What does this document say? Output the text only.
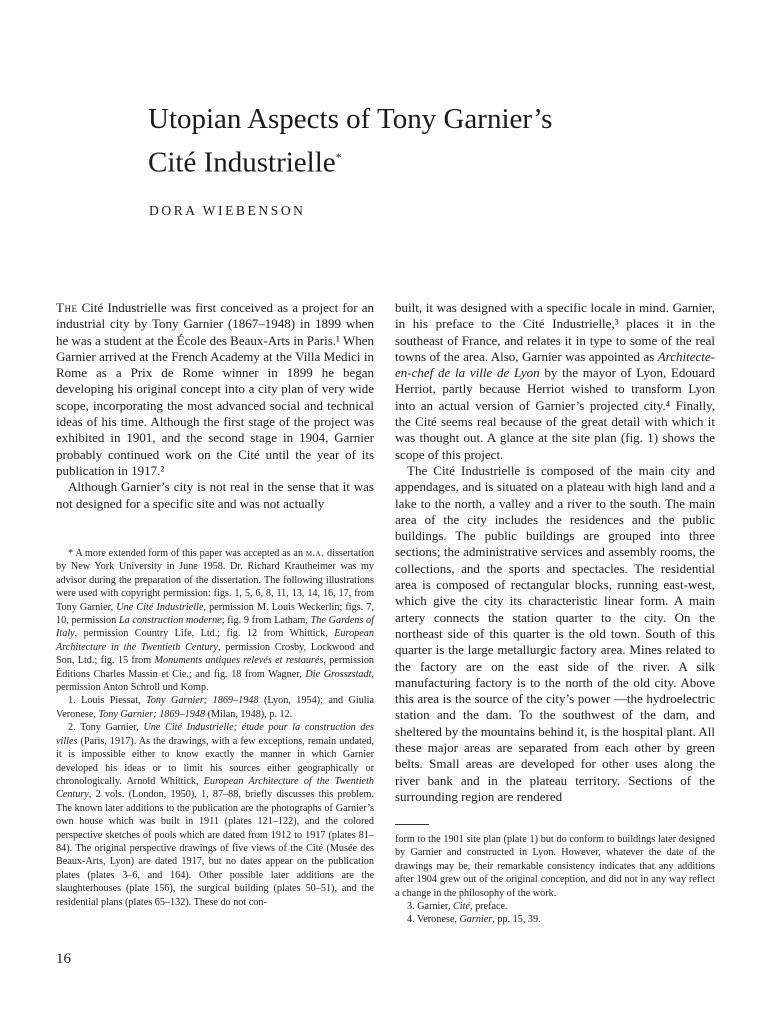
Utopian Aspects of Tony Garnier’s
Cité Industrielle*
DORA WIEBENSON

The Cité Industrielle was first conceived as a project for an industrial city by Tony Garnier (1867–1948) in 1899 when he was a student at the École des Beaux-Arts in Paris.¹ When Garnier arrived at the French Academy at the Villa Medici in Rome as a Prix de Rome winner in 1899 he began developing his original concept into a city plan of very wide scope, incorporating the most advanced social and technical ideas of his time. Although the first stage of the project was exhibited in 1901, and the second stage in 1904, Garnier probably continued work on the Cité until the year of its publication in 1917.²

Although Garnier’s city is not real in the sense that it was not designed for a specific site and was not actually

* A more extended form of this paper was accepted as an m.a. dissertation by New York University in June 1958. Dr. Richard Krautheimer was my advisor during the preparation of the dissertation. The following illustrations were used with copyright permission: figs. 1, 5, 6, 8, 11, 13, 14, 16, 17, from Tony Garnier, Une Cité Industrielle, permission M. Louis Weckerlin; figs. 7, 10, permission La construction moderne; fig. 9 from Latham, The Gardens of Italy, permission Country Life, Ltd.; fig. 12 from Whittick, European Architecture in the Twentieth Century, permission Crosby, Lockwood and Son, Ltd.; fig. 15 from Monuments antiques relevés et restaurés, permission Éditions Charles Massin et Cie.; and fig. 18 from Wagner, Die Grosszstadt, permission Anton Schroll und Komp.

1. Louis Piessat, Tony Garnier; 1869–1948 (Lyon, 1954); and Giulia Veronese, Tony Garnier; 1869–1948 (Milan, 1948), p. 12.

2. Tony Garnier, Une Cité Industrielle; étude pour la construction des villes (Paris, 1917). As the drawings, with a few exceptions, remain undated, it is impossible either to know exactly the manner in which Garnier developed his ideas or to limit his sources either geographically or chronologically. Arnold Whittick, European Architecture of the Twentieth Century, 2 vols. (London, 1950), 1, 87–88, briefly discusses this problem. The known later additions to the publication are the photographs of Garnier’s own house which was built in 1911 (plates 121–122), and the colored perspective sketches of pools which are dated from 1912 to 1917 (plates 81–84). The original perspective drawings of five views of the Cité (Musée des Beaux-Arts, Lyon) are dated 1917, but no dates appear on the publication plates (plates 3–6, and 164). Other possible later additions are the slaughterhouses (plate 156), the surgical building (plates 50–51), and the residential plans (plates 65–132). These do not con-

built, it was designed with a specific locale in mind. Garnier, in his preface to the Cité Industrielle,³ places it in the southeast of France, and relates it in type to some of the real towns of the area. Also, Garnier was appointed as Architecte-en-chef de la ville de Lyon by the mayor of Lyon, Edouard Herriot, partly because Herriot wished to transform Lyon into an actual version of Garnier’s projected city.⁴ Finally, the Cité seems real because of the great detail with which it was thought out. A glance at the site plan (fig. 1) shows the scope of this project.

The Cité Industrielle is composed of the main city and appendages, and is situated on a plateau with high land and a lake to the north, a valley and a river to the south. The main area of the city includes the residences and the public buildings. The public buildings are grouped into three sections; the administrative services and assembly rooms, the collections, and the sports and spectacles. The residential area is composed of rectangular blocks, running east-west, which give the city its characteristic linear form. A main artery connects the station quarter to the city. On the northeast side of this quarter is the old town. South of this quarter is the large metallurgic factory area. Mines related to the factory are on the east side of the river. A silk manufacturing factory is to the north of the old city. Above this area is the source of the city’s power —the hydroelectric station and the dam. To the southwest of the dam, and sheltered by the mountains behind it, is the hospital plant. All these major areas are separated from each other by green belts. Small areas are developed for other uses along the river bank and in the plateau territory. Sections of the surrounding region are rendered

form to the 1901 site plan (plate 1) but do conform to buildings later designed by Garnier and constructed in Lyon. However, whatever the date of the drawings may be, their remarkable consistency indicates that any additions after 1904 grew out of the original conception, and did not in any way reflect a change in the philosophy of the work.

3. Garnier, Cité, preface.

4. Veronese, Garnier, pp. 15, 39.

16
